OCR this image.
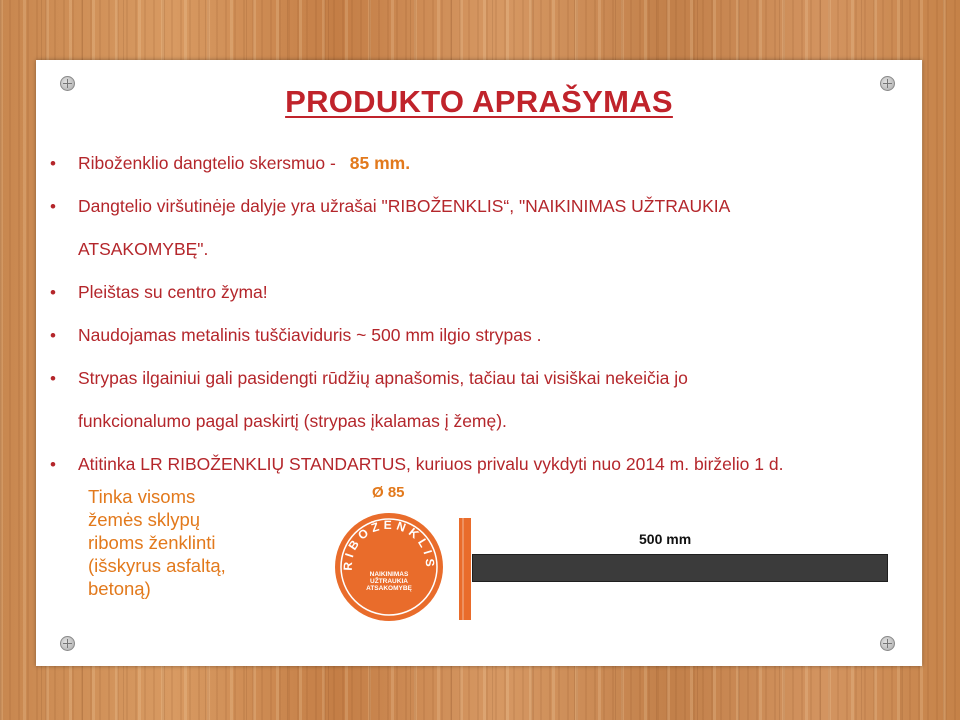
PRODUKTO APRAŠYMAS
• Riboženklio dangtelio skersmuo - 85 mm.
• Dangtelio viršutinėje dalyje yra užrašai "RIBOŽENKLIS“, "NAIKINIMAS UŽTRAUKIA
ATSAKOMYBĘ".
• Pleištas su centro žyma!
• Naudojamas metalinis tuščiaviduris ~ 500 mm ilgio strypas .
• Strypas ilgainiui gali pasidengti rūdžių apnašomis, tačiau tai visiškai nekeičia jo
funkcionalumo pagal paskirtį (strypas įkalamas į žemę).
• Atitinka LR RIBOŽENKLIŲ STANDARTUS, kuriuos privalu vykdyti nuo 2014 m. birželio 1 d.
Tinka visoms
žemės sklypų
riboms ženklinti
(išskyrus asfaltą,
betoną)
Ø 85
RIBOŽENKLIS
NAIKINIMAS
UŽTRAUKIA
ATSAKOMYBĘ
500 mm
